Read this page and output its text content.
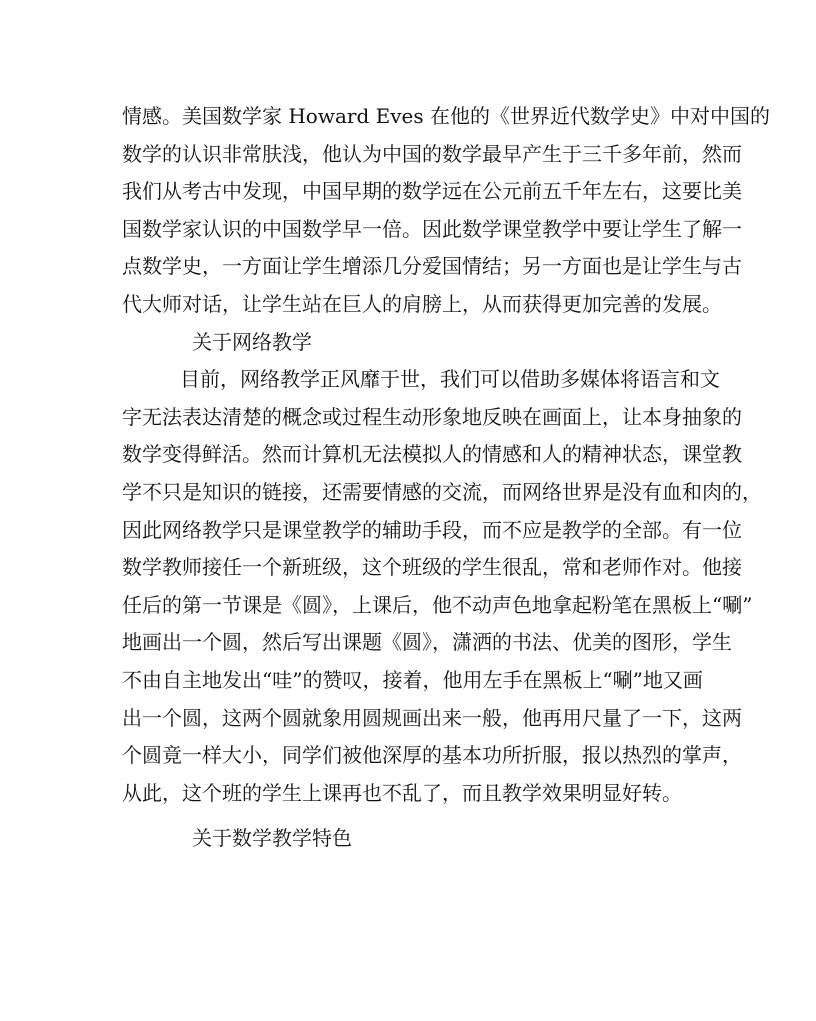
情感。美国数学家 Howard Eves 在他的《世界近代数学史》中对中国的
数学的认识非常肤浅，他认为中国的数学最早产生于三千多年前，然而
我们从考古中发现，中国早期的数学远在公元前五千年左右，这要比美
国数学家认识的中国数学早一倍。因此数学课堂教学中要让学生了解一
点数学史，一方面让学生增添几分爱国情结；另一方面也是让学生与古
代大师对话，让学生站在巨人的肩膀上，从而获得更加完善的发展。
关于网络教学
目前，网络教学正风靡于世，我们可以借助多媒体将语言和文
字无法表达清楚的概念或过程生动形象地反映在画面上，让本身抽象的
数学变得鲜活。然而计算机无法模拟人的情感和人的精神状态，课堂教
学不只是知识的链接，还需要情感的交流，而网络世界是没有血和肉的，
因此网络教学只是课堂教学的辅助手段，而不应是教学的全部。有一位
数学教师接任一个新班级，这个班级的学生很乱，常和老师作对。他接
任后的第一节课是《圆》，上课后，他不动声色地拿起粉笔在黑板上“唰”
地画出一个圆，然后写出课题《圆》，潇洒的书法、优美的图形，学生
不由自主地发出“哇”的赞叹，接着，他用左手在黑板上“唰”地又画
出一个圆，这两个圆就象用圆规画出来一般，他再用尺量了一下，这两
个圆竟一样大小，同学们被他深厚的基本功所折服，报以热烈的掌声，
从此，这个班的学生上课再也不乱了，而且教学效果明显好转。
关于数学教学特色
